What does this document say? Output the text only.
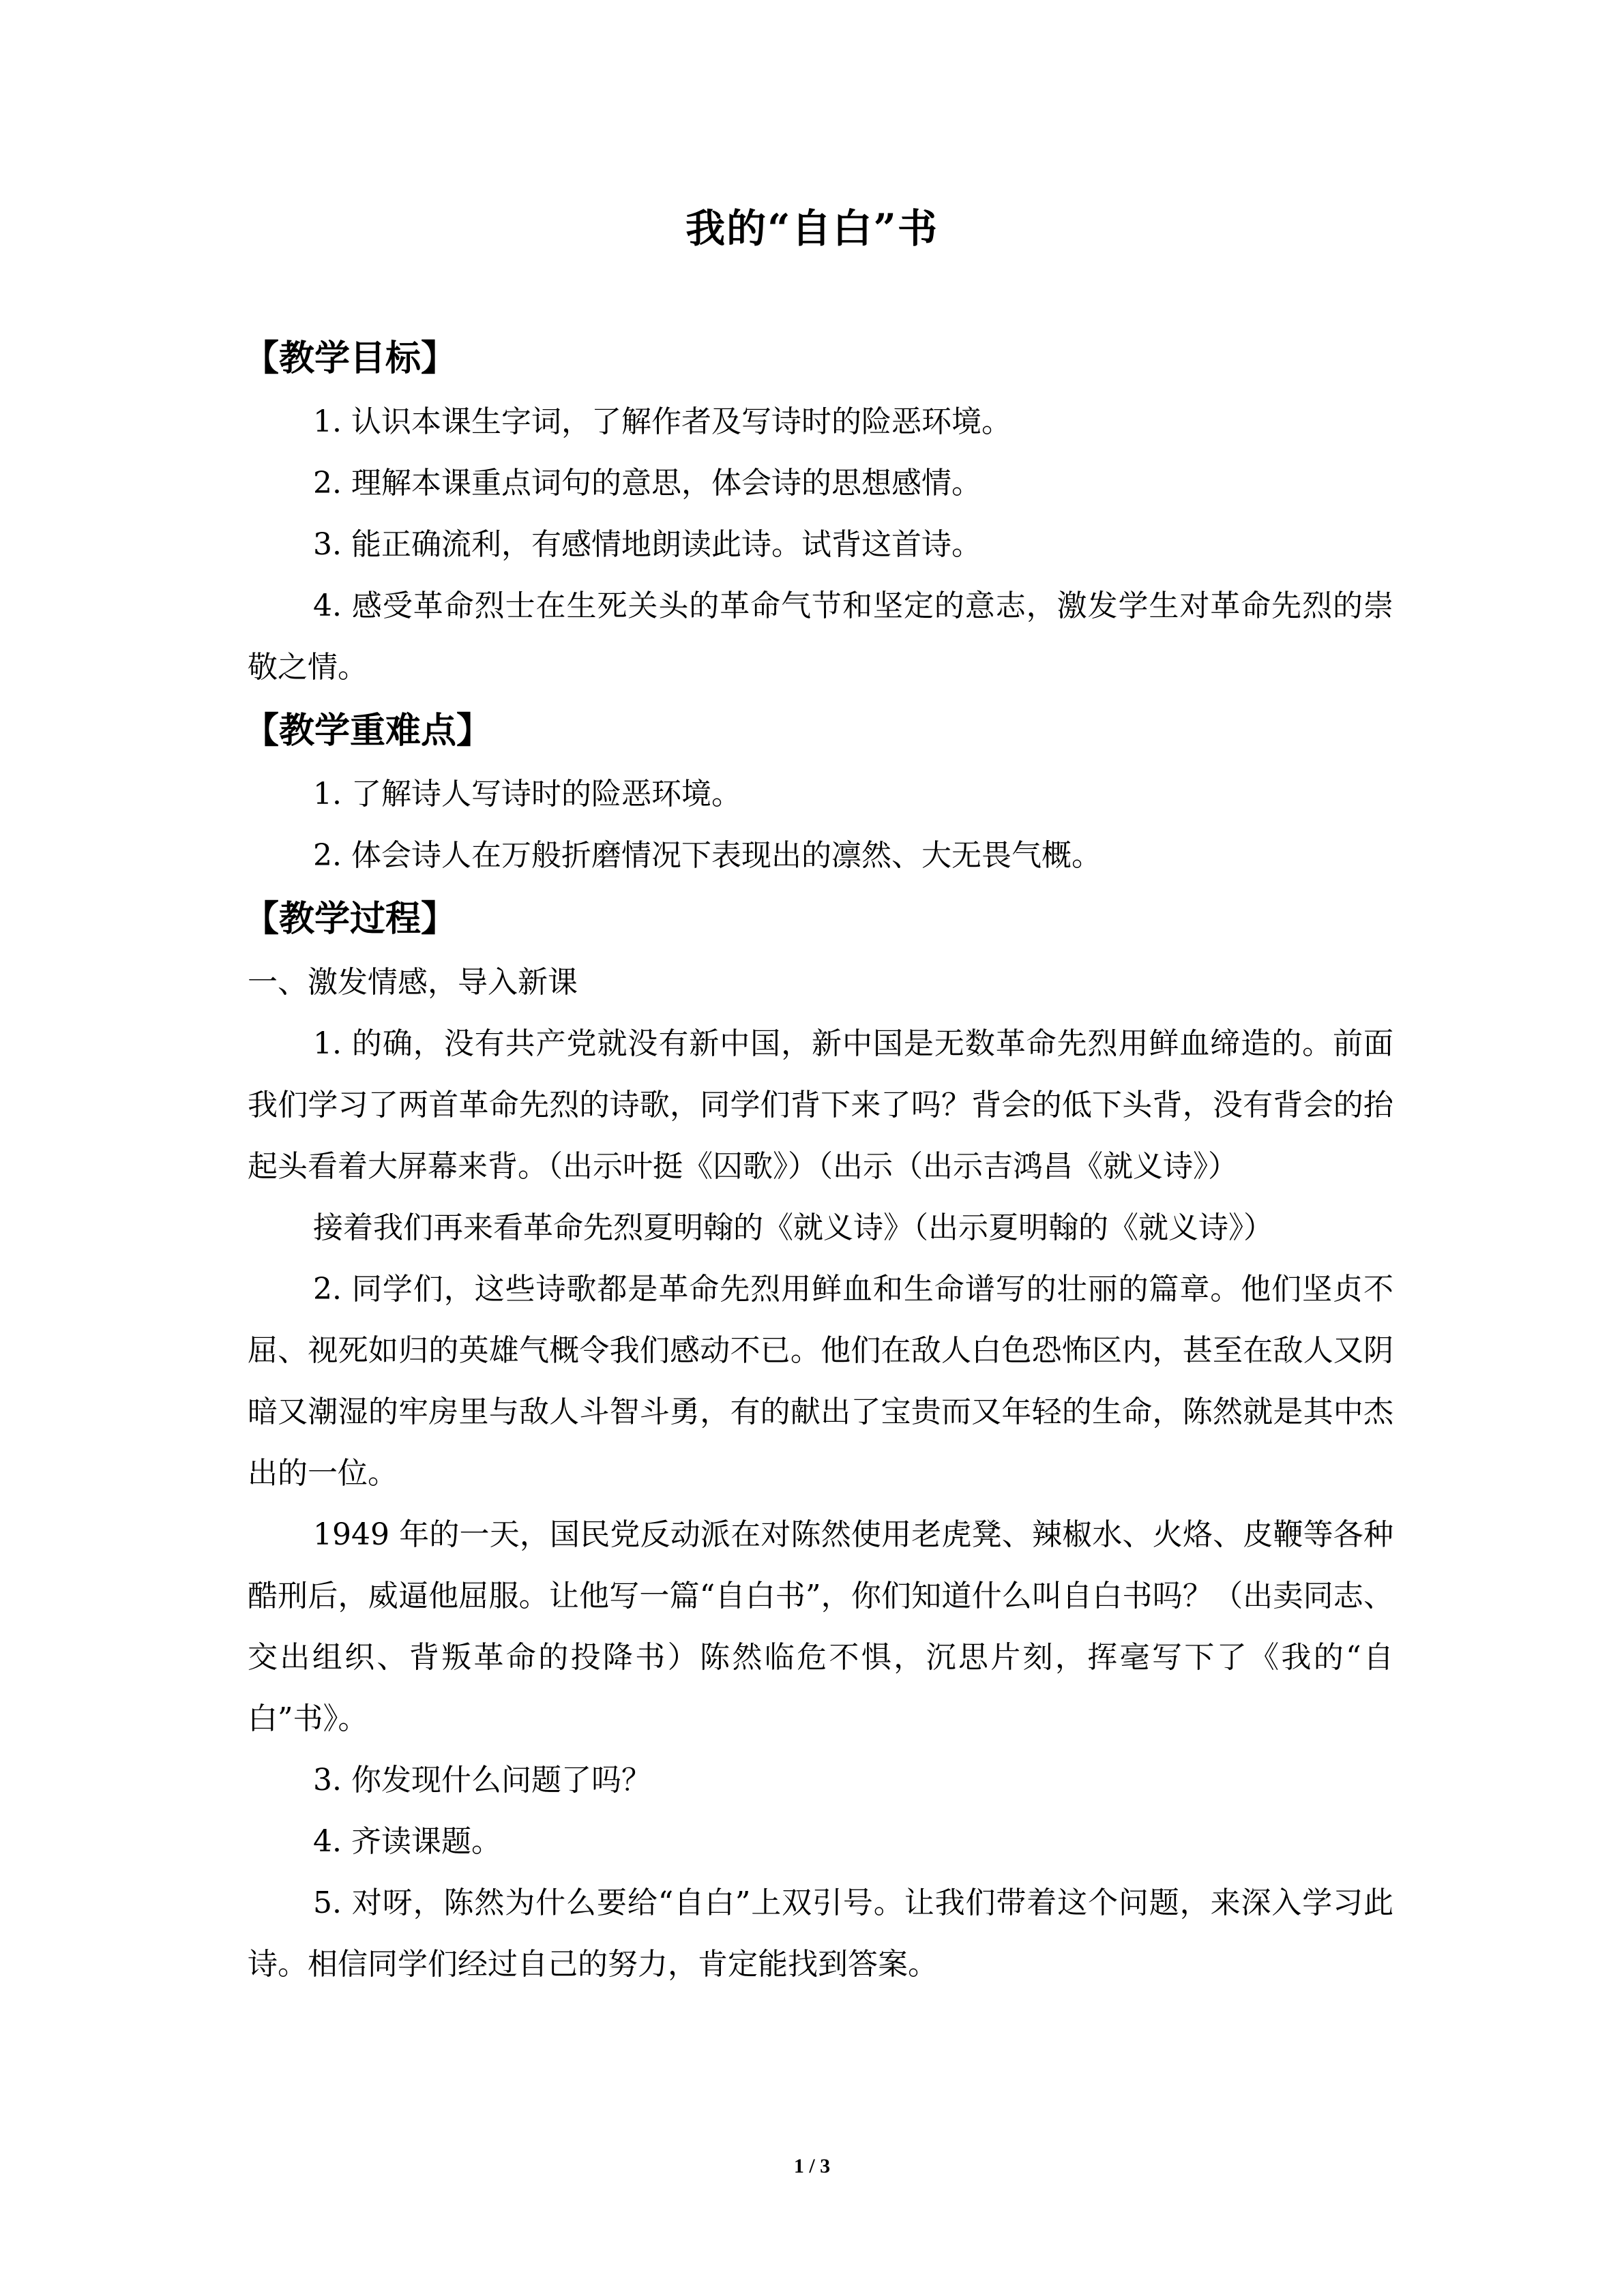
我的“自白”书
【教学目标】

1. 认识本课生字词，了解作者及写诗时的险恶环境。

2. 理解本课重点词句的意思，体会诗的思想感情。

3. 能正确流利，有感情地朗读此诗。试背这首诗。

4. 感受革命烈士在生死关头的革命气节和坚定的意志，激发学生对革命先烈的崇敬之情。

【教学重难点】

1. 了解诗人写诗时的险恶环境。

2. 体会诗人在万般折磨情况下表现出的凛然、大无畏气概。

【教学过程】

一、激发情感，导入新课

1. 的确，没有共产党就没有新中国，新中国是无数革命先烈用鲜血缔造的。前面我们学习了两首革命先烈的诗歌，同学们背下来了吗？背会的低下头背，没有背会的抬起头看着大屏幕来背。（出示叶挺《囚歌》）（出示（出示吉鸿昌《就义诗》）

接着我们再来看革命先烈夏明翰的《就义诗》（出示夏明翰的《就义诗》）

2. 同学们，这些诗歌都是革命先烈用鲜血和生命谱写的壮丽的篇章。他们坚贞不屈、视死如归的英雄气概令我们感动不已。他们在敌人白色恐怖区内，甚至在敌人又阴暗又潮湿的牢房里与敌人斗智斗勇，有的献出了宝贵而又年轻的生命，陈然就是其中杰出的一位。

1949 年的一天，国民党反动派在对陈然使用老虎凳、辣椒水、火烙、皮鞭等各种酷刑后，威逼他屈服。让他写一篇“自白书”，你们知道什么叫自白书吗？（出卖同志、交出组织、背叛革命的投降书）陈然临危不惧，沉思片刻，挥毫写下了《我的“自白”书》。

3. 你发现什么问题了吗？

4. 齐读课题。

5. 对呀，陈然为什么要给“自白”上双引号。让我们带着这个问题，来深入学习此诗。相信同学们经过自己的努力，肯定能找到答案。

1 / 3
